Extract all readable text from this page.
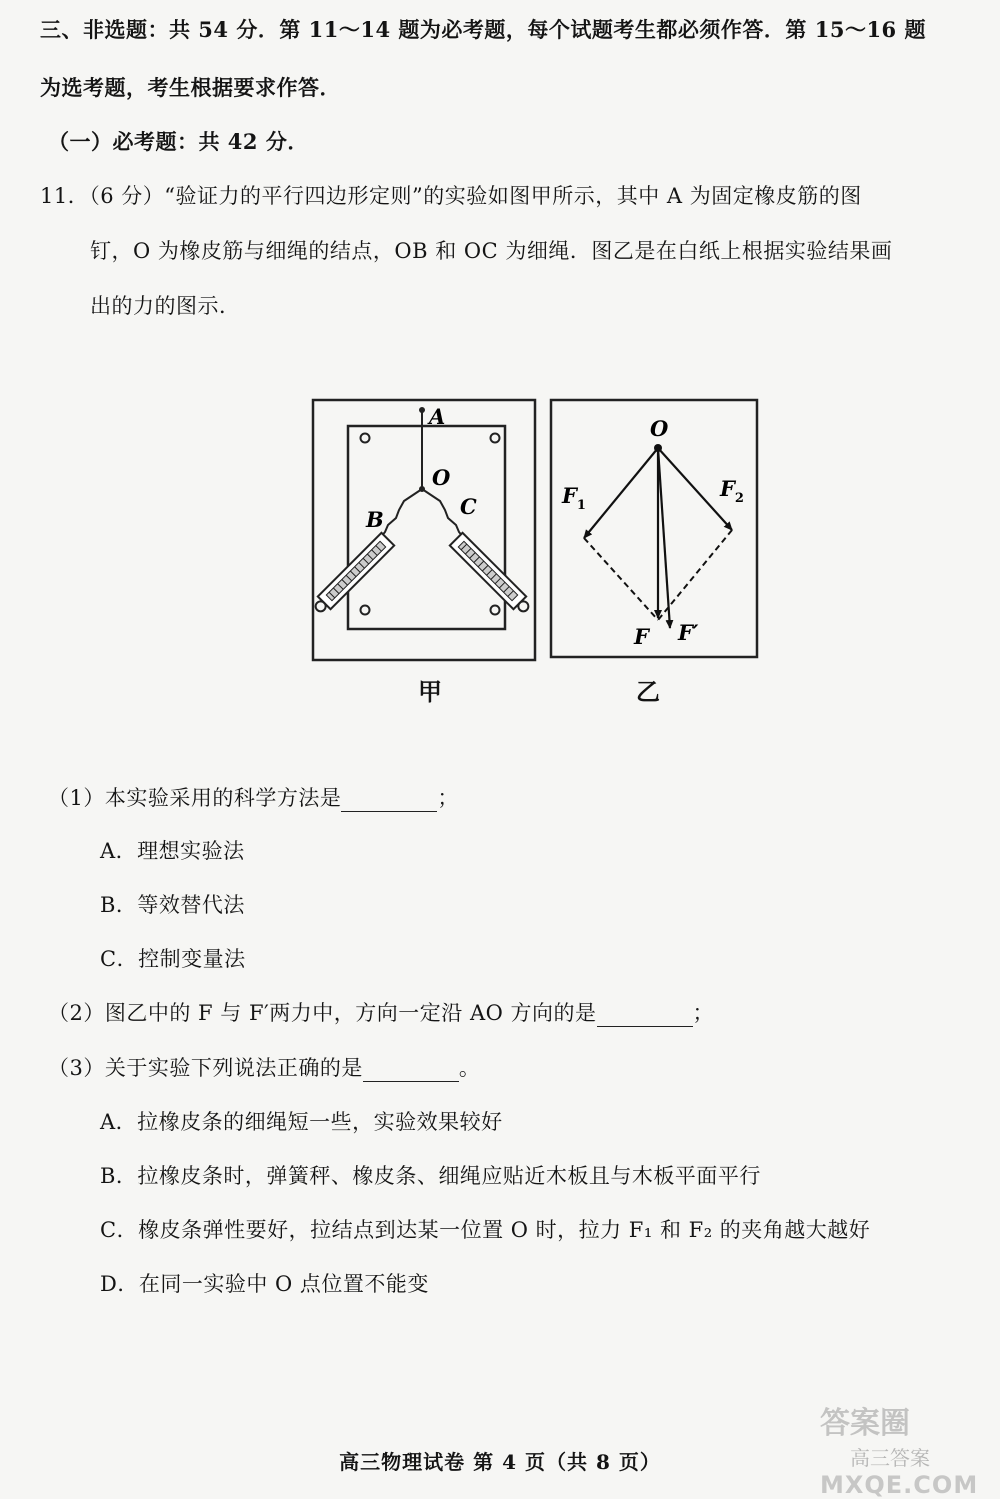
三、非选题：共 54 分．第 11～14 题为必考题，每个试题考生都必须作答．第 15～16 题
为选考题，考生根据要求作答．
（一）必考题：共 42 分．
11．（6 分）“验证力的平行四边形定则”的实验如图甲所示，其中 A 为固定橡皮筋的图
钉，O 为橡皮筋与细绳的结点，OB 和 OC 为细绳．图乙是在白纸上根据实验结果画
出的力的图示．
A
O
B
C
O
$F_1$
$F_2$
F F′
甲	乙
（1）本实验采用的科学方法是	；
A．理想实验法
B．等效替代法
C．控制变量法
（2）图乙中的 F 与 F′两力中，方向一定沿 AO 方向的是	；
（3）关于实验下列说法正确的是	。
A．拉橡皮条的细绳短一些，实验效果较好
B．拉橡皮条时，弹簧秤、橡皮条、细绳应贴近木板且与木板平面平行
C．橡皮条弹性要好，拉结点到达某一位置 O 时，拉力 F₁ 和 F₂ 的夹角越大越好
D．在同一实验中 O 点位置不能变
高三物理试卷 第 4 页（共 8 页）
答案圈
高三答案
MXQE.COM
